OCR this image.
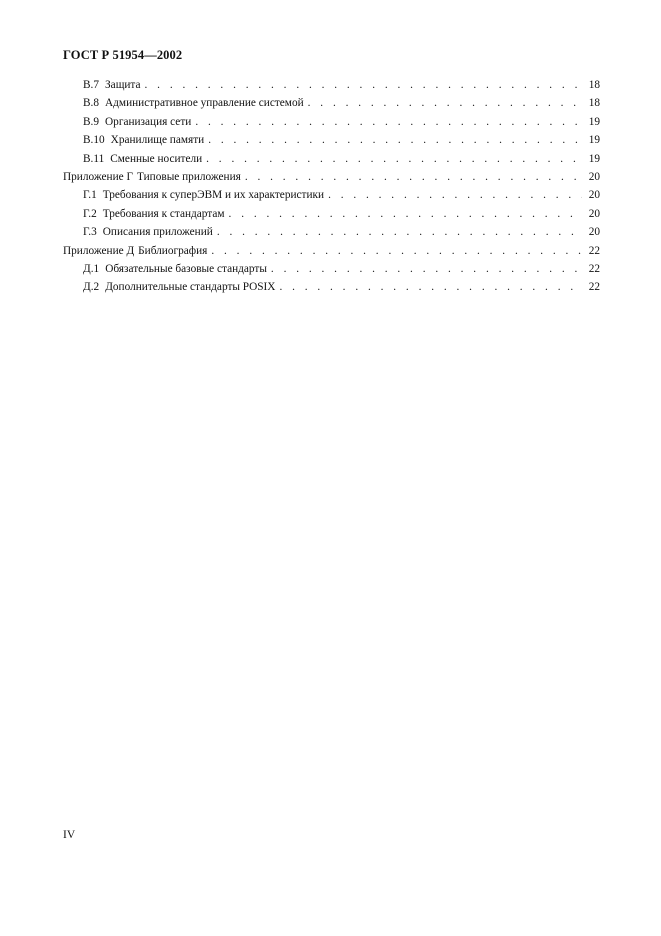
ГОСТ Р 51954—2002
В.7 Защита . . .	18
В.8 Административное управление системой . . .	18
В.9 Организация сети . . .	19
В.10 Хранилище памяти . . .	19
В.11 Сменные носители . . .	19
Приложение Г Типовые приложения . . .	20
Г.1 Требования к суперЭВМ и их характеристики . . .	20
Г.2 Требования к стандартам . . .	20
Г.3 Описания приложений . . .	20
Приложение Д Библиография . . .	22
Д.1 Обязательные базовые стандарты . . .	22
Д.2 Дополнительные стандарты POSIX . . .	22
IV
